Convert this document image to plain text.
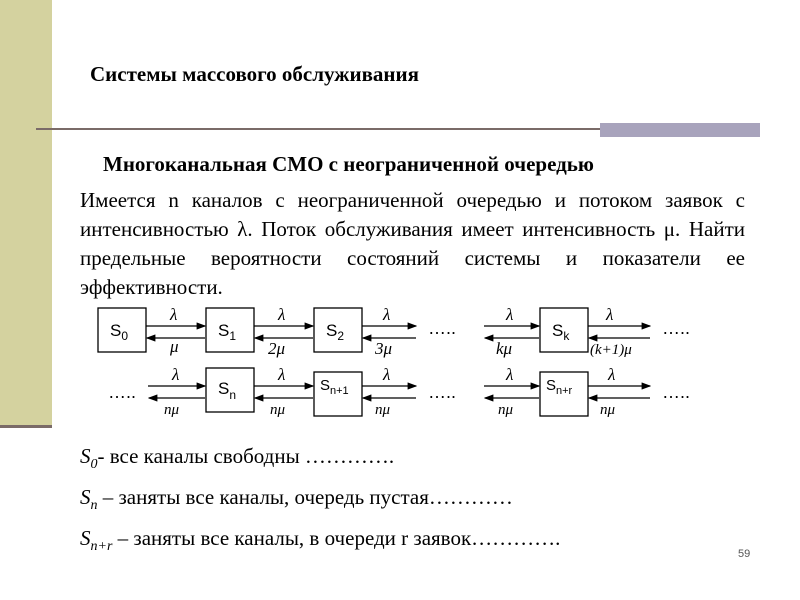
Системы массового обслуживания
Многоканальная СМО с неограниченной очередью
Имеется n каналов с неограниченной очередью и потоком заявок с интенсивностью λ. Поток обслуживания имеет интенсивность μ. Найти предельные вероятности состояний системы и показатели ее эффективности.
$S_0$	$S_1$	$S_2$	$S_k$
λ
μ
λ
2μ
λ
3μ
λ
kμ
λ
(k+1)μ
…..	…..
…..	$S_n$
$S_{n+1}$	$S_{n+r}$
λ
nμ
λ
nμ
λ
nμ
λ
nμ
λ
nμ
…..	…..
$S_0-$ все каналы свободны ………….
$S_n$ – заняты все каналы, очередь пустая…………
$S_{n+r}$ – заняты все каналы, в очереди r заявок………….
59
